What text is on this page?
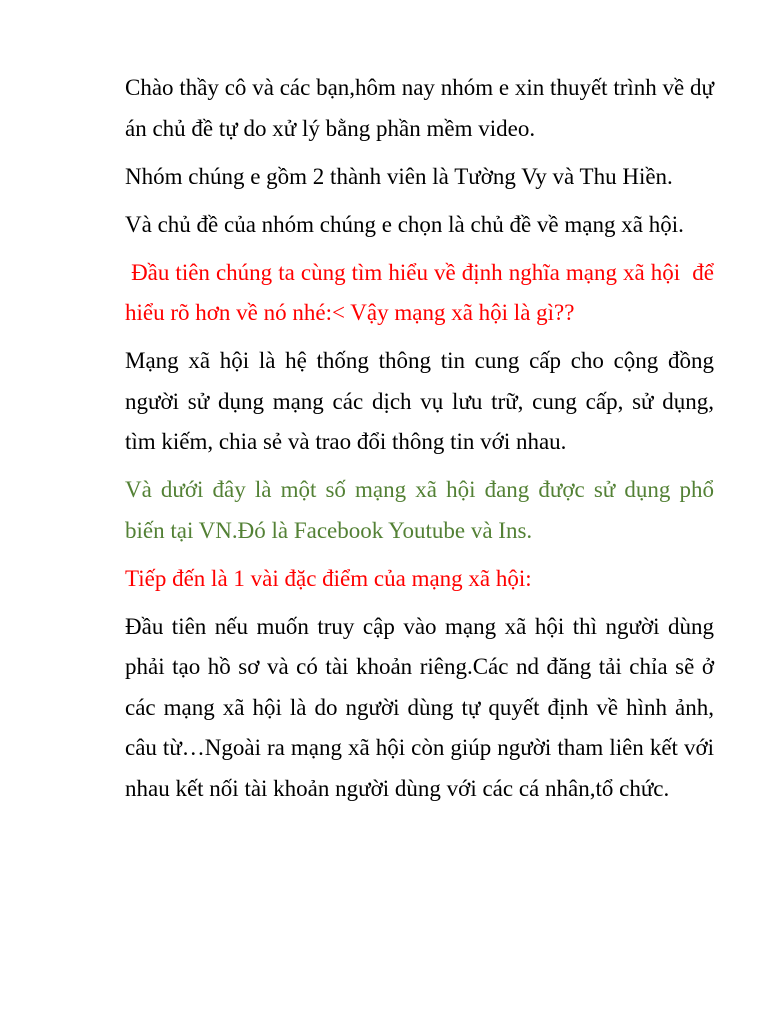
Chào thầy cô và các bạn,hôm nay nhóm e xin thuyết trình về dự án chủ đề tự do xử lý bằng phần mềm video.

Nhóm chúng e gồm 2 thành viên là Tường Vy và Thu Hiền.

Và chủ đề của nhóm chúng e chọn là chủ đề về mạng xã hội.

Đầu tiên chúng ta cùng tìm hiểu về định nghĩa mạng xã hội  để hiểu rõ hơn về nó nhé:< Vậy mạng xã hội là gì??

Mạng xã hội là hệ thống thông tin cung cấp cho cộng đồng người sử dụng mạng các dịch vụ lưu trữ, cung cấp, sử dụng, tìm kiếm, chia sẻ và trao đổi thông tin với nhau.

Và dưới đây là một số mạng xã hội đang được sử dụng phổ biến tại VN.Đó là Facebook Youtube và Ins.

Tiếp đến là 1 vài đặc điểm của mạng xã hội:

Đầu tiên nếu muốn truy cập vào mạng xã hội thì người dùng phải tạo hồ sơ và có tài khoản riêng.Các nd đăng tải chỉa sẽ ở các mạng xã hội là do người dùng tự quyết định về hình ảnh, câu từ…Ngoài ra mạng xã hội còn giúp người tham liên kết với nhau kết nối tài khoản người dùng với các cá nhân,tổ chức.
